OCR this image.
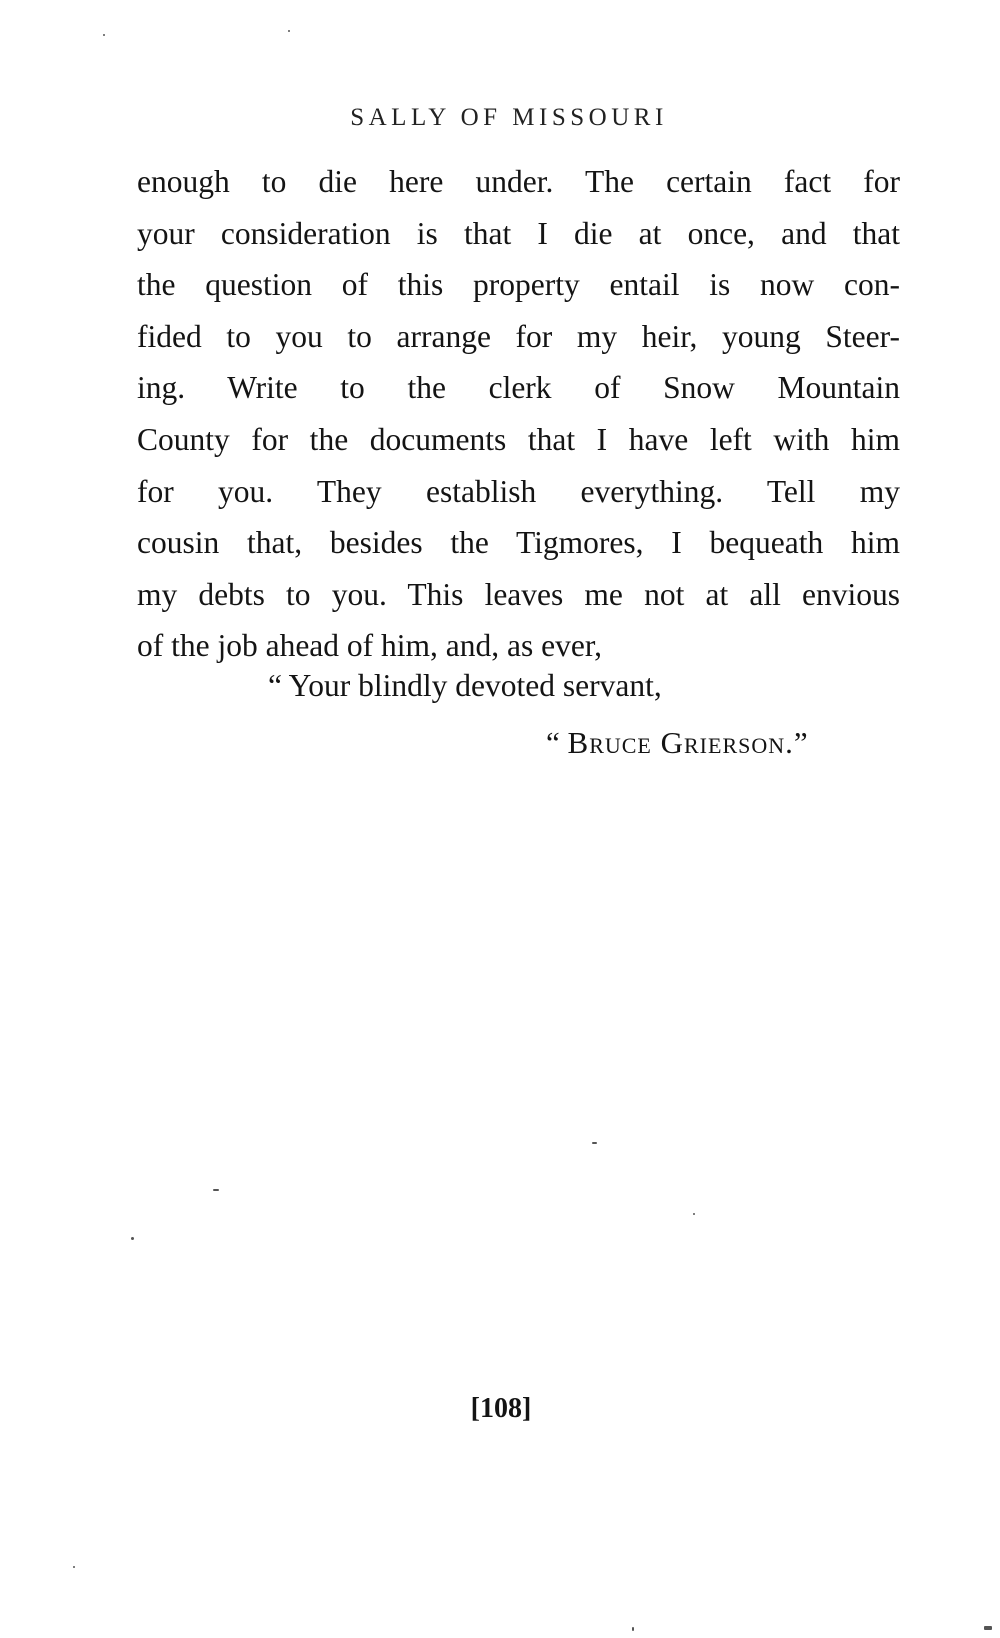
SALLY OF MISSOURI
enough to die here under. The certain fact for
your consideration is that I die at once, and that
the question of this property entail is now con-
fided to you to arrange for my heir, young Steer-
ing. Write to the clerk of Snow Mountain
County for the documents that I have left with him
for you. They establish everything. Tell my
cousin that, besides the Tigmores, I bequeath him
my debts to you. This leaves me not at all envious
of the job ahead of him, and, as ever,
“ Your blindly devoted servant,
“ Bruce Grierson.”
[108]
